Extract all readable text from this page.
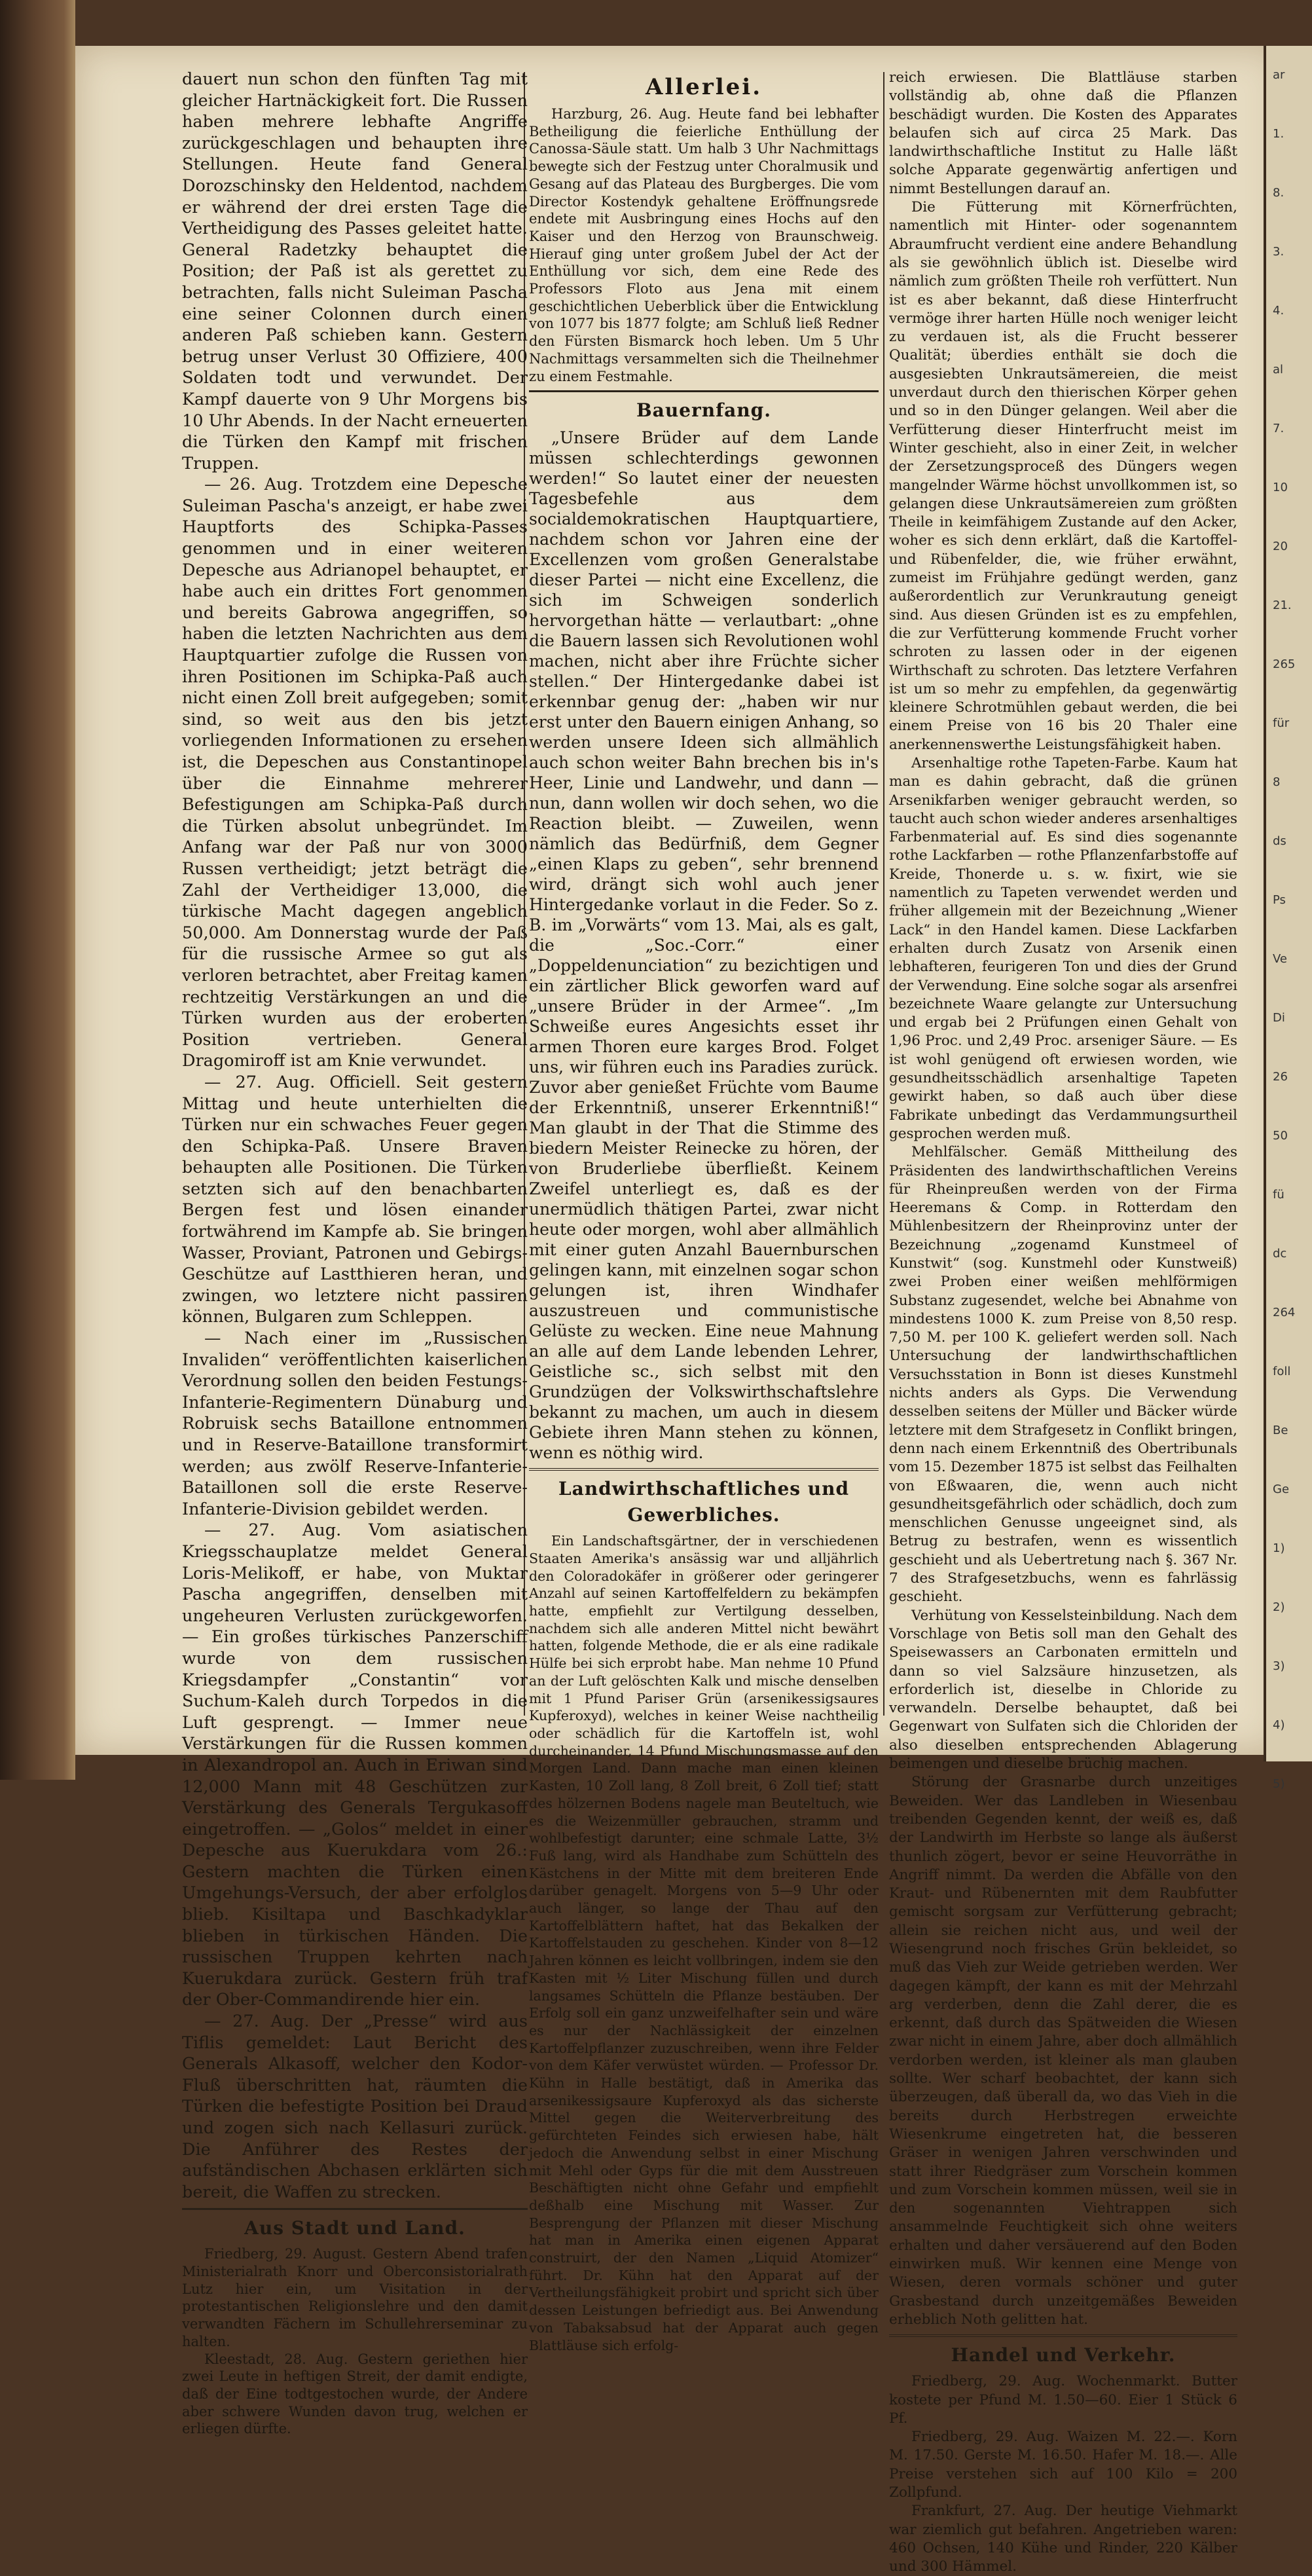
ar
1.
8.
3.
4.
al
7.
10
20
21.
265
für
8
ds
Ps
Ve
Di
26
50
fü
dc
264
foll
Be
Ge
1)
2)
3)
4)
5)

dauert nun schon den fünften Tag mit gleicher Hartnäckigkeit fort. Die Russen haben mehrere lebhafte Angriffe zurückgeschlagen und behaupten ihre Stellungen. Heute fand General Dorozschinsky den Heldentod, nachdem er während der drei ersten Tage die Vertheidigung des Passes geleitet hatte. General Radetzky behauptet die Position; der Paß ist als gerettet zu betrachten, falls nicht Suleiman Pascha eine seiner Colonnen durch einen anderen Paß schieben kann. Gestern betrug unser Verlust 30 Offiziere, 400 Soldaten todt und verwundet. Der Kampf dauerte von 9 Uhr Morgens bis 10 Uhr Abends. In der Nacht erneuerten die Türken den Kampf mit frischen Truppen.

— 26. Aug. Trotzdem eine Depesche Suleiman Pascha's anzeigt, er habe zwei Hauptforts des Schipka-Passes genommen und in einer weiteren Depesche aus Adrianopel behauptet, er habe auch ein drittes Fort genommen und bereits Gabrowa angegriffen, so haben die letzten Nachrichten aus dem Hauptquartier zufolge die Russen von ihren Positionen im Schipka-Paß auch nicht einen Zoll breit aufgegeben; somit sind, so weit aus den bis jetzt vorliegenden Informationen zu ersehen ist, die Depeschen aus Constantinopel über die Einnahme mehrerer Befestigungen am Schipka-Paß durch die Türken absolut unbegründet. Im Anfang war der Paß nur von 3000 Russen vertheidigt; jetzt beträgt die Zahl der Vertheidiger 13,000, die türkische Macht dagegen angeblich 50,000. Am Donnerstag wurde der Paß für die russische Armee so gut als verloren betrachtet, aber Freitag kamen rechtzeitig Verstärkungen an und die Türken wurden aus der eroberten Position vertrieben. General Dragomiroff ist am Knie verwundet.

— 27. Aug. Officiell. Seit gestern Mittag und heute unterhielten die Türken nur ein schwaches Feuer gegen den Schipka-Paß. Unsere Braven behaupten alle Positionen. Die Türken setzten sich auf den benachbarten Bergen fest und lösen einander fortwährend im Kampfe ab. Sie bringen Wasser, Proviant, Patronen und Gebirgs-Geschütze auf Lastthieren heran, und zwingen, wo letztere nicht passiren können, Bulgaren zum Schleppen.

— Nach einer im „Russischen Invaliden“ veröffentlichten kaiserlichen Verordnung sollen den beiden Festungs-Infanterie-Regimentern Dünaburg und Robruisk sechs Bataillone entnommen und in Reserve-Bataillone transformirt werden; aus zwölf Reserve-Infanterie-Bataillonen soll die erste Reserve-Infanterie-Division gebildet werden.

— 27. Aug. Vom asiatischen Kriegsschauplatze meldet General Loris-Melikoff, er habe, von Muktar Pascha angegriffen, denselben mit ungeheuren Verlusten zurückgeworfen. — Ein großes türkisches Panzerschiff wurde von dem russischen Kriegsdampfer „Constantin“ vor Suchum-Kaleh durch Torpedos in die Luft gesprengt. — Immer neue Verstärkungen für die Russen kommen in Alexandropol an. Auch in Eriwan sind 12,000 Mann mit 48 Geschützen zur Verstärkung des Generals Tergukasoff eingetroffen. — „Golos“ meldet in einer Depesche aus Kuerukdara vom 26.: Gestern machten die Türken einen Umgehungs-Versuch, der aber erfolglos blieb. Kisiltapa und Baschkadyklar blieben in türkischen Händen. Die russischen Truppen kehrten nach Kuerukdara zurück. Gestern früh traf der Ober-Commandirende hier ein.

— 27. Aug. Der „Presse“ wird aus Tiflis gemeldet: Laut Bericht des Generals Alkasoff, welcher den Kodor-Fluß überschritten hat, räumten die Türken die befestigte Position bei Draud und zogen sich nach Kellasuri zurück. Die Anführer des Restes der aufständischen Abchasen erklärten sich bereit, die Waffen zu strecken.

Aus Stadt und Land.

Friedberg, 29. August. Gestern Abend trafen Ministerialrath Knorr und Oberconsistorialrath Lutz hier ein, um Visitation in der protestantischen Religionslehre und den damit verwandten Fächern im Schullehrerseminar zu halten.

Kleestadt, 28. Aug. Gestern geriethen hier zwei Leute in heftigen Streit, der damit endigte, daß der Eine todtgestochen wurde, der Andere aber schwere Wunden davon trug, welchen er erliegen dürfte.

Allerlei.

Harzburg, 26. Aug. Heute fand bei lebhafter Betheiligung die feierliche Enthüllung der Canossa-Säule statt. Um halb 3 Uhr Nachmittags bewegte sich der Festzug unter Choralmusik und Gesang auf das Plateau des Burgberges. Die vom Director Kostendyk gehaltene Eröffnungsrede endete mit Ausbringung eines Hochs auf den Kaiser und den Herzog von Braunschweig. Hierauf ging unter großem Jubel der Act der Enthüllung vor sich, dem eine Rede des Professors Floto aus Jena mit einem geschichtlichen Ueberblick über die Entwicklung von 1077 bis 1877 folgte; am Schluß ließ Redner den Fürsten Bismarck hoch leben. Um 5 Uhr Nachmittags versammelten sich die Theilnehmer zu einem Festmahle.

Bauernfang.

„Unsere Brüder auf dem Lande müssen schlechterdings gewonnen werden!“ So lautet einer der neuesten Tagesbefehle aus dem socialdemokratischen Hauptquartiere, nachdem schon vor Jahren eine der Excellenzen vom großen Generalstabe dieser Partei — nicht eine Excellenz, die sich im Schweigen sonderlich hervorgethan hätte — verlautbart: „ohne die Bauern lassen sich Revolutionen wohl machen, nicht aber ihre Früchte sicher stellen.“ Der Hintergedanke dabei ist erkennbar genug der: „haben wir nur erst unter den Bauern einigen Anhang, so werden unsere Ideen sich allmählich auch schon weiter Bahn brechen bis in's Heer, Linie und Landwehr, und dann — nun, dann wollen wir doch sehen, wo die Reaction bleibt. — Zuweilen, wenn nämlich das Bedürfniß, dem Gegner „einen Klaps zu geben“, sehr brennend wird, drängt sich wohl auch jener Hintergedanke vorlaut in die Feder. So z. B. im „Vorwärts“ vom 13. Mai, als es galt, die „Soc.-Corr.“ einer „Doppeldenunciation“ zu bezichtigen und ein zärtlicher Blick geworfen ward auf „unsere Brüder in der Armee“. „Im Schweiße eures Angesichts esset ihr armen Thoren eure karges Brod. Folget uns, wir führen euch ins Paradies zurück. Zuvor aber genießet Früchte vom Baume der Erkenntniß, unserer Erkenntniß!“ Man glaubt in der That die Stimme des biedern Meister Reinecke zu hören, der von Bruderliebe überfließt. Keinem Zweifel unterliegt es, daß es der unermüdlich thätigen Partei, zwar nicht heute oder morgen, wohl aber allmählich mit einer guten Anzahl Bauernburschen gelingen kann, mit einzelnen sogar schon gelungen ist, ihren Windhafer auszustreuen und communistische Gelüste zu wecken. Eine neue Mahnung an alle auf dem Lande lebenden Lehrer, Geistliche sc., sich selbst mit den Grundzügen der Volkswirthschaftslehre bekannt zu machen, um auch in diesem Gebiete ihren Mann stehen zu können, wenn es nöthig wird.

Landwirthschaftliches und Gewerbliches.

Ein Landschaftsgärtner, der in verschiedenen Staaten Amerika's ansässig war und alljährlich den Coloradokäfer in größerer oder geringerer Anzahl auf seinen Kartoffelfeldern zu bekämpfen hatte, empfiehlt zur Vertilgung desselben, nachdem sich alle anderen Mittel nicht bewährt hatten, folgende Methode, die er als eine radikale Hülfe bei sich erprobt habe. Man nehme 10 Pfund an der Luft gelöschten Kalk und mische denselben mit 1 Pfund Pariser Grün (arsenikessigsaures Kupferoxyd), welches in keiner Weise nachtheilig oder schädlich für die Kartoffeln ist, wohl durcheinander, 14 Pfund Mischungsmasse auf den Morgen Land. Dann mache man einen kleinen Kasten, 10 Zoll lang, 8 Zoll breit, 6 Zoll tief; statt des hölzernen Bodens nagele man Beuteltuch, wie es die Weizenmüller gebrauchen, stramm und wohlbefestigt darunter; eine schmale Latte, 3½ Fuß lang, wird als Handhabe zum Schütteln des Kästchens in der Mitte mit dem breiteren Ende darüber genagelt. Morgens von 5—9 Uhr oder auch länger, so lange der Thau auf den Kartoffelblättern haftet, hat das Bekalken der Kartoffelstauden zu geschehen. Kinder von 8—12 Jahren können es leicht vollbringen, indem sie den Kasten mit ½ Liter Mischung füllen und durch langsames Schütteln die Pflanze bestäuben. Der Erfolg soll ein ganz unzweifelhafter sein und wäre es nur der Nachlässigkeit der einzelnen Kartoffelpflanzer zuzuschreiben, wenn ihre Felder von dem Käfer verwüstet würden. — Professor Dr. Kühn in Halle bestätigt, daß in Amerika das arsenikessigsaure Kupferoxyd als das sicherste Mittel gegen die Weiterverbreitung des gefürchteten Feindes sich erwiesen habe, hält jedoch die Anwendung selbst in einer Mischung mit Mehl oder Gyps für die mit dem Ausstreuen Beschäftigten nicht ohne Gefahr und empfiehlt deßhalb eine Mischung mit Wasser. Zur Besprengung der Pflanzen mit dieser Mischung hat man in Amerika einen eigenen Apparat construirt, der den Namen „Liquid Atomizer“ führt. Dr. Kühn hat den Apparat auf der Vertheilungsfähigkeit probirt und spricht sich über dessen Leistungen befriedigt aus. Bei Anwendung von Tabaksabsud hat der Apparat auch gegen Blattläuse sich erfolg-

reich erwiesen. Die Blattläuse starben vollständig ab, ohne daß die Pflanzen beschädigt wurden. Die Kosten des Apparates belaufen sich auf circa 25 Mark. Das landwirthschaftliche Institut zu Halle läßt solche Apparate gegenwärtig anfertigen und nimmt Bestellungen darauf an.

Die Fütterung mit Körnerfrüchten, namentlich mit Hinter- oder sogenanntem Abraumfrucht verdient eine andere Behandlung als sie gewöhnlich üblich ist. Dieselbe wird nämlich zum größten Theile roh verfüttert. Nun ist es aber bekannt, daß diese Hinterfrucht vermöge ihrer harten Hülle noch weniger leicht zu verdauen ist, als die Frucht besserer Qualität; überdies enthält sie doch die ausgesiebten Unkrautsämereien, die meist unverdaut durch den thierischen Körper gehen und so in den Dünger gelangen. Weil aber die Verfütterung dieser Hinterfrucht meist im Winter geschieht, also in einer Zeit, in welcher der Zersetzungsproceß des Düngers wegen mangelnder Wärme höchst unvollkommen ist, so gelangen diese Unkrautsämereien zum größten Theile in keimfähigem Zustande auf den Acker, woher es sich denn erklärt, daß die Kartoffel- und Rübenfelder, die, wie früher erwähnt, zumeist im Frühjahre gedüngt werden, ganz außerordentlich zur Verunkrautung geneigt sind. Aus diesen Gründen ist es zu empfehlen, die zur Verfütterung kommende Frucht vorher schroten zu lassen oder in der eigenen Wirthschaft zu schroten. Das letztere Verfahren ist um so mehr zu empfehlen, da gegenwärtig kleinere Schrotmühlen gebaut werden, die bei einem Preise von 16 bis 20 Thaler eine anerkennenswerthe Leistungsfähigkeit haben.

Arsenhaltige rothe Tapeten-Farbe. Kaum hat man es dahin gebracht, daß die grünen Arsenikfarben weniger gebraucht werden, so taucht auch schon wieder anderes arsenhaltiges Farbenmaterial auf. Es sind dies sogenannte rothe Lackfarben — rothe Pflanzenfarbstoffe auf Kreide, Thonerde u. s. w. fixirt, wie sie namentlich zu Tapeten verwendet werden und früher allgemein mit der Bezeichnung „Wiener Lack“ in den Handel kamen. Diese Lackfarben erhalten durch Zusatz von Arsenik einen lebhafteren, feurigeren Ton und dies der Grund der Verwendung. Eine solche sogar als arsenfrei bezeichnete Waare gelangte zur Untersuchung und ergab bei 2 Prüfungen einen Gehalt von 1,96 Proc. und 2,49 Proc. arseniger Säure. — Es ist wohl genügend oft erwiesen worden, wie gesundheitsschädlich arsenhaltige Tapeten gewirkt haben, so daß auch über diese Fabrikate unbedingt das Verdammungsurtheil gesprochen werden muß.

Mehlfälscher. Gemäß Mittheilung des Präsidenten des landwirthschaftlichen Vereins für Rheinpreußen werden von der Firma Heeremans & Comp. in Rotterdam den Mühlenbesitzern der Rheinprovinz unter der Bezeichnung „zogenamd Kunstmeel of Kunstwit“ (sog. Kunstmehl oder Kunstweiß) zwei Proben einer weißen mehlförmigen Substanz zugesendet, welche bei Abnahme von mindestens 1000 K. zum Preise von 8,50 resp. 7,50 M. per 100 K. geliefert werden soll. Nach Untersuchung der landwirthschaftlichen Versuchsstation in Bonn ist dieses Kunstmehl nichts anders als Gyps. Die Verwendung desselben seitens der Müller und Bäcker würde letztere mit dem Strafgesetz in Conflikt bringen, denn nach einem Erkenntniß des Obertribunals vom 15. Dezember 1875 ist selbst das Feilhalten von Eßwaaren, die, wenn auch nicht gesundheitsgefährlich oder schädlich, doch zum menschlichen Genusse ungeeignet sind, als Betrug zu bestrafen, wenn es wissentlich geschieht und als Uebertretung nach §. 367 Nr. 7 des Strafgesetzbuchs, wenn es fahrlässig geschieht.

Verhütung von Kesselsteinbildung. Nach dem Vorschlage von Betis soll man den Gehalt des Speisewassers an Carbonaten ermitteln und dann so viel Salzsäure hinzusetzen, als erforderlich ist, dieselbe in Chloride zu verwandeln. Derselbe behauptet, daß bei Gegenwart von Sulfaten sich die Chloriden der also dieselben entsprechenden Ablagerung beimengen und dieselbe brüchig machen.

Störung der Grasnarbe durch unzeitiges Beweiden. Wer das Landleben in Wiesenbau treibenden Gegenden kennt, der weiß es, daß der Landwirth im Herbste so lange als äußerst thunlich zögert, bevor er seine Heuvorräthe in Angriff nimmt. Da werden die Abfälle von den Kraut- und Rübenernten mit dem Raubfutter gemischt sorgsam zur Verfütterung gebracht; allein sie reichen nicht aus, und weil der Wiesengrund noch frisches Grün bekleidet, so muß das Vieh zur Weide getrieben werden. Wer dagegen kämpft, der kann es mit der Mehrzahl arg verderben, denn die Zahl derer, die es erkennt, daß durch das Spätweiden die Wiesen zwar nicht in einem Jahre, aber doch allmählich verdorben werden, ist kleiner als man glauben sollte. Wer scharf beobachtet, der kann sich überzeugen, daß überall da, wo das Vieh in die bereits durch Herbstregen erweichte Wiesenkrume eingetreten hat, die besseren Gräser in wenigen Jahren verschwinden und statt ihrer Riedgräser zum Vorschein kommen und zum Vorschein kommen müssen, weil sie in den sogenannten Viehtrappen sich ansammelnde Feuchtigkeit sich ohne weiters erhalten und daher versäuerend auf den Boden einwirken muß. Wir kennen eine Menge von Wiesen, deren vormals schöner und guter Grasbestand durch unzeitgemäßes Beweiden erheblich Noth gelitten hat.

Handel und Verkehr.

Friedberg, 29. Aug. Wochenmarkt. Butter kostete per Pfund M. 1.50—60. Eier 1 Stück 6 Pf.

Friedberg, 29. Aug. Waizen M. 22.—. Korn M. 17.50. Gerste M. 16.50. Hafer M. 18.—. Alle Preise verstehen sich auf 100 Kilo = 200 Zollpfund.

Frankfurt, 27. Aug. Der heutige Viehmarkt war ziemlich gut befahren. Angetrieben waren: 460 Ochsen, 140 Kühe und Rinder, 220 Kälber und 300 Hämmel.
